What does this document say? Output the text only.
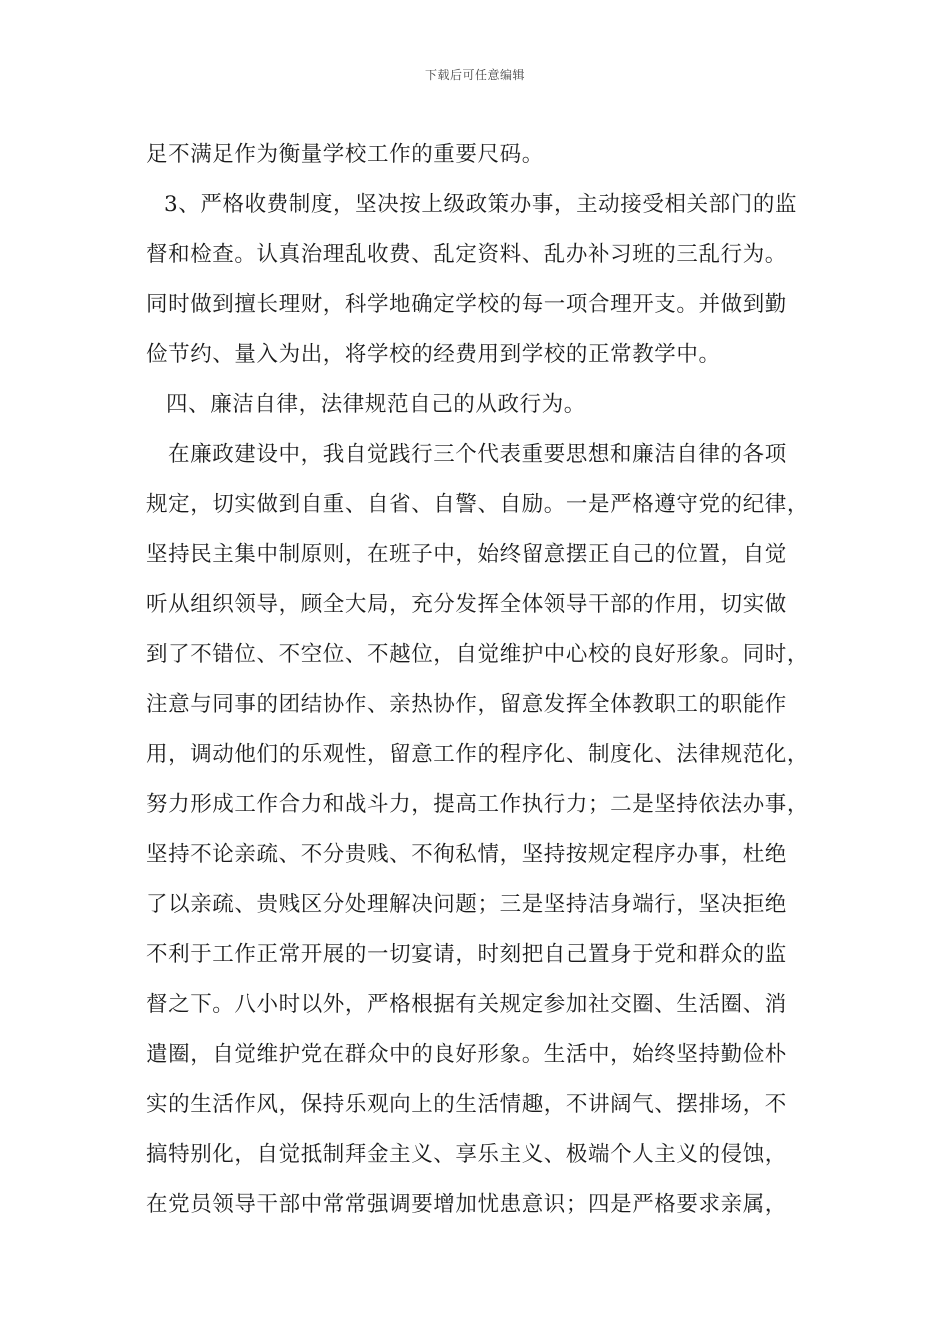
下载后可任意编辑
足不满足作为衡量学校工作的重要尺码。
3、严格收费制度，坚决按上级政策办事，主动接受相关部门的监
督和检查。认真治理乱收费、乱定资料、乱办补习班的三乱行为。
同时做到擅长理财，科学地确定学校的每一项合理开支。并做到勤
俭节约、量入为出，将学校的经费用到学校的正常教学中。
四、廉洁自律，法律规范自己的从政行为。
在廉政建设中，我自觉践行三个代表重要思想和廉洁自律的各项
规定，切实做到自重、自省、自警、自励。一是严格遵守党的纪律，
坚持民主集中制原则，在班子中，始终留意摆正自己的位置，自觉
听从组织领导，顾全大局，充分发挥全体领导干部的作用，切实做
到了不错位、不空位、不越位，自觉维护中心校的良好形象。同时，
注意与同事的团结协作、亲热协作，留意发挥全体教职工的职能作
用，调动他们的乐观性，留意工作的程序化、制度化、法律规范化，
努力形成工作合力和战斗力，提高工作执行力；二是坚持依法办事，
坚持不论亲疏、不分贵贱、不徇私情，坚持按规定程序办事，杜绝
了以亲疏、贵贱区分处理解决问题；三是坚持洁身端行，坚决拒绝
不利于工作正常开展的一切宴请，时刻把自己置身于党和群众的监
督之下。八小时以外，严格根据有关规定参加社交圈、生活圈、消
遣圈，自觉维护党在群众中的良好形象。生活中，始终坚持勤俭朴
实的生活作风，保持乐观向上的生活情趣，不讲阔气、摆排场，不
搞特别化，自觉抵制拜金主义、享乐主义、极端个人主义的侵蚀，
在党员领导干部中常常强调要增加忧患意识；四是严格要求亲属，
